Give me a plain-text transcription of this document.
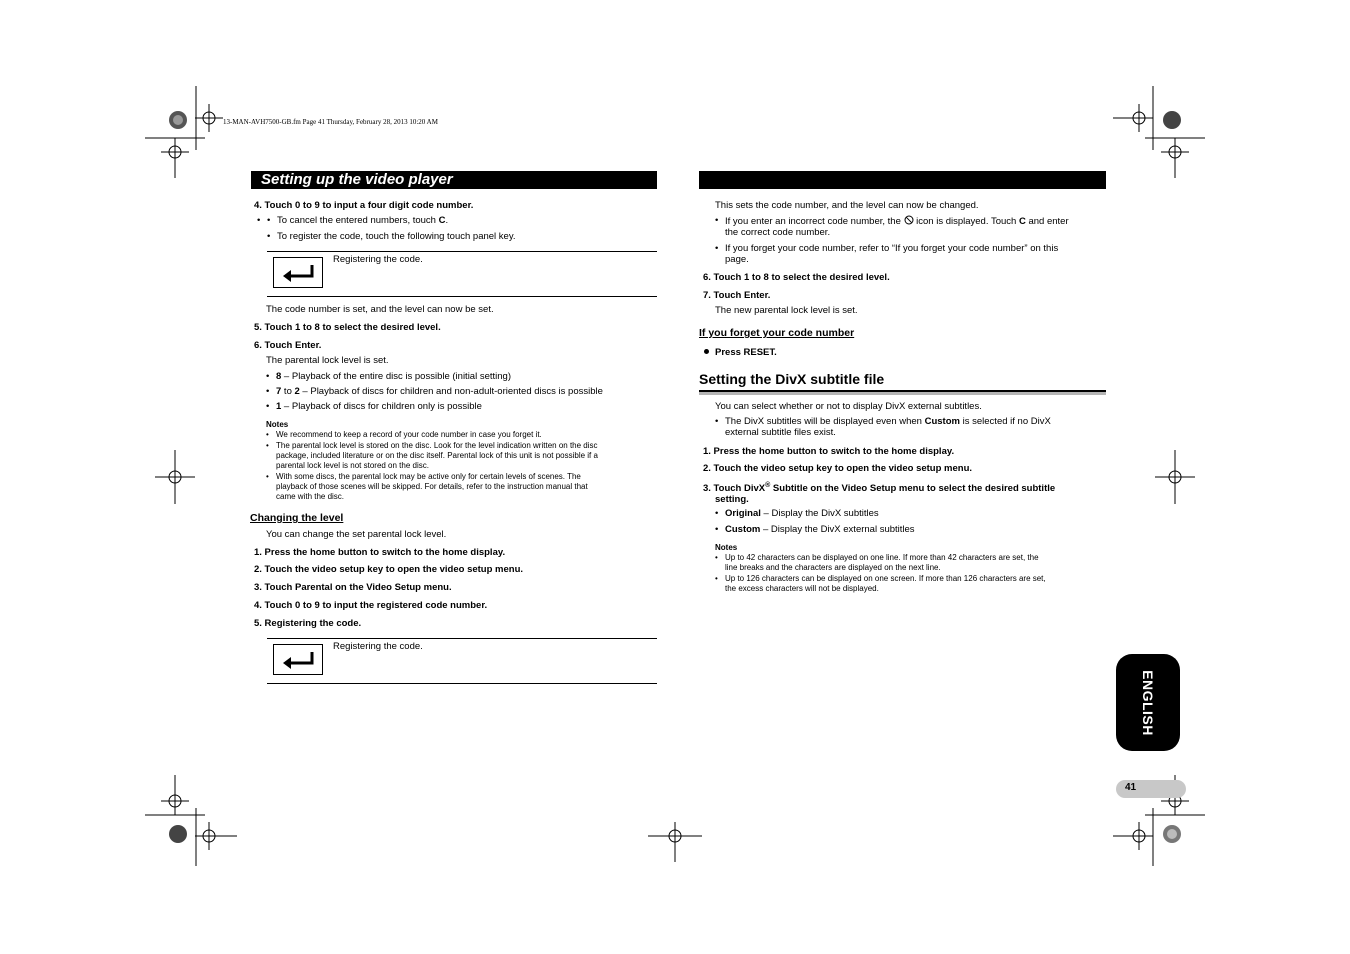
13-MAN-AVH7500-GB.fm Page 41 Thursday, February 28, 2013 10:20 AM
Setting up the video player
4. Touch 0 to 9 to input a four digit code number.
• • To cancel the entered numbers, touch C.
• To register the code, touch the following touch panel key.
Registering the code.
The code number is set, and the level can now be set.
5. Touch 1 to 8 to select the desired level.
6. Touch Enter.
The parental lock level is set.
• 8 – Playback of the entire disc is possible (initial setting)
• 7 to 2 – Playback of discs for children and non-adult-oriented discs is possible
• 1 – Playback of discs for children only is possible
Notes
• We recommend to keep a record of your code number in case you forget it.
• The parental lock level is stored on the disc. Look for the level indication written on the disc
package, included literature or on the disc itself. Parental lock of this unit is not possible if a
parental lock level is not stored on the disc.
• With some discs, the parental lock may be active only for certain levels of scenes. The
playback of those scenes will be skipped. For details, refer to the instruction manual that
came with the disc.
Changing the level
You can change the set parental lock level.
1. Press the home button to switch to the home display.
2. Touch the video setup key to open the video setup menu.
3. Touch Parental on the Video Setup menu.
4. Touch 0 to 9 to input the registered code number.
5. Registering the code.
Registering the code.
This sets the code number, and the level can now be changed.
• If you enter an incorrect code number, the  icon is displayed. Touch C and enter
the correct code number.
• If you forget your code number, refer to “If you forget your code number” on this
page.
6. Touch 1 to 8 to select the desired level.
7. Touch Enter.
The new parental lock level is set.
If you forget your code number
Press RESET.
Setting the DivX subtitle file
You can select whether or not to display DivX external subtitles.
• The DivX subtitles will be displayed even when Custom is selected if no DivX
external subtitle files exist.
1. Press the home button to switch to the home display.
2. Touch the video setup key to open the video setup menu.
3. Touch DivX® Subtitle on the Video Setup menu to select the desired subtitle
setting.
• Original – Display the DivX subtitles
• Custom – Display the DivX external subtitles
Notes
• Up to 42 characters can be displayed on one line. If more than 42 characters are set, the
line breaks and the characters are displayed on the next line.
• Up to 126 characters can be displayed on one screen. If more than 126 characters are set,
the excess characters will not be displayed.
ENGLISH
41
